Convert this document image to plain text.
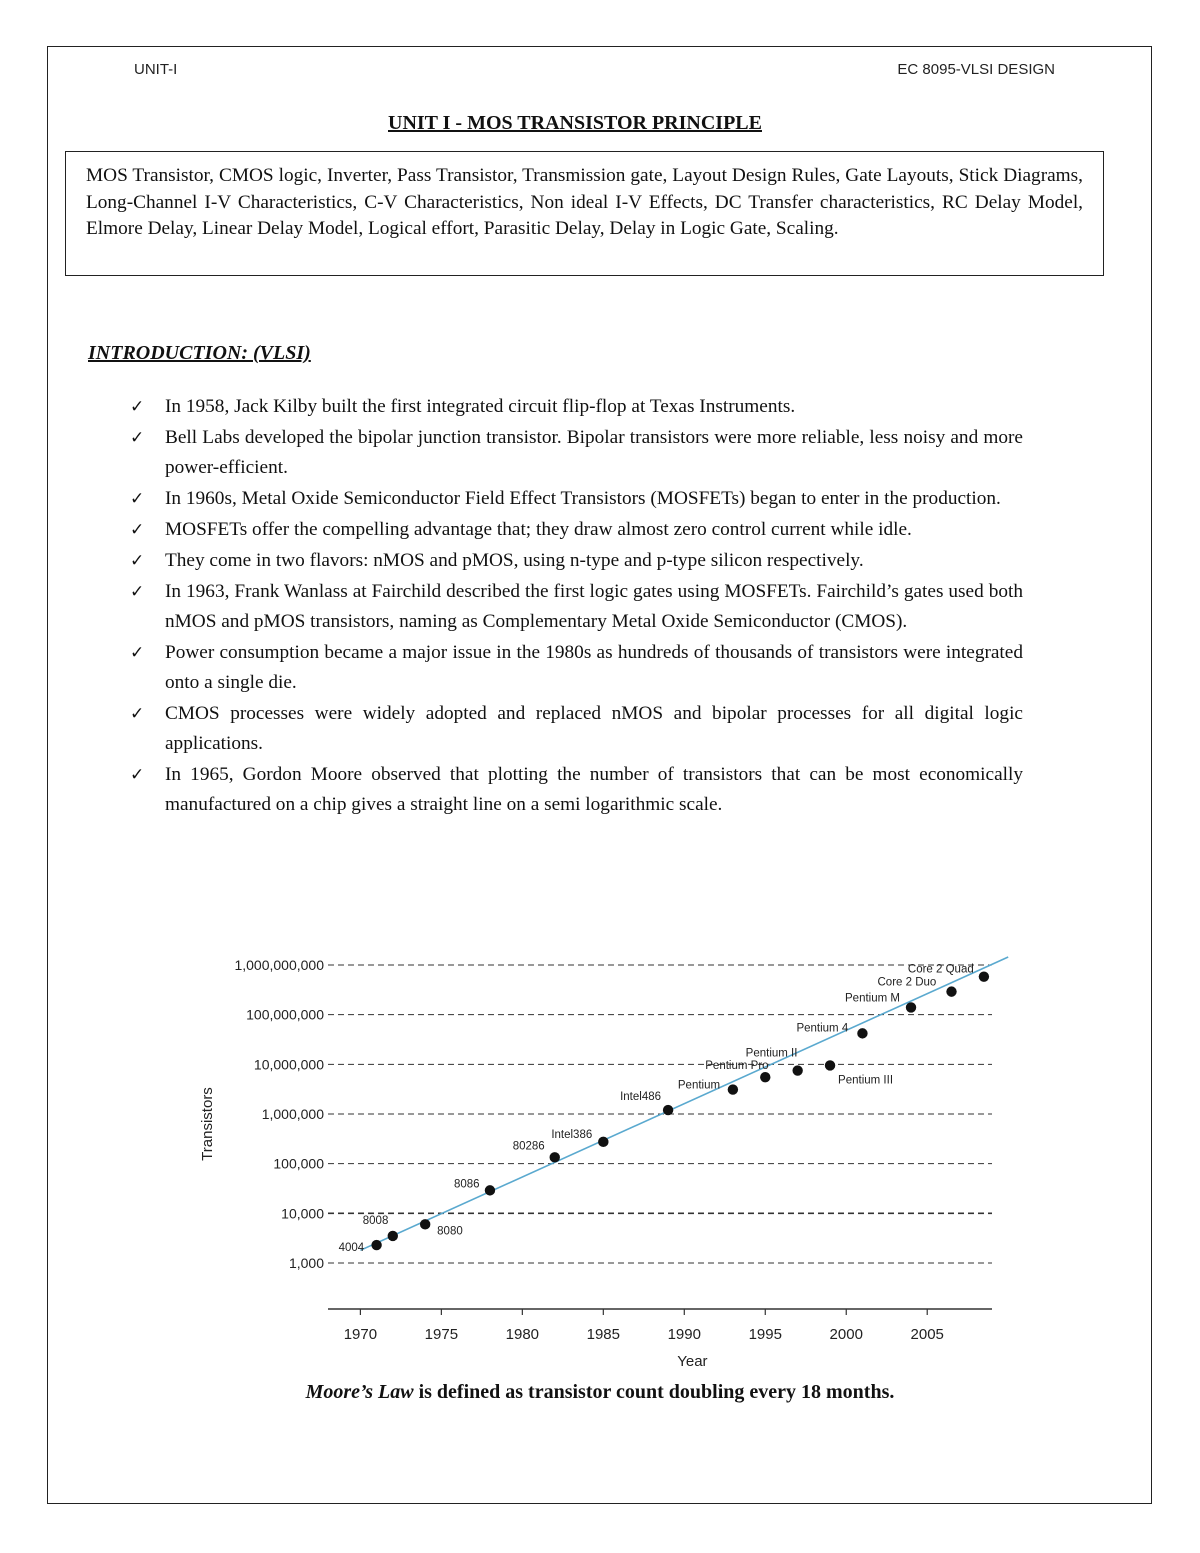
UNIT-I	EC 8095-VLSI DESIGN
UNIT I - MOS TRANSISTOR PRINCIPLE
MOS Transistor, CMOS logic, Inverter, Pass Transistor, Transmission gate, Layout Design Rules, Gate Layouts, Stick Diagrams, Long-Channel I-V Characteristics, C-V Characteristics, Non ideal I-V Effects, DC Transfer characteristics, RC Delay Model, Elmore Delay, Linear Delay Model, Logical effort, Parasitic Delay, Delay in Logic Gate, Scaling.
INTRODUCTION: (VLSI)
✓ In 1958, Jack Kilby built the first integrated circuit flip-flop at Texas Instruments.
✓ Bell Labs developed the bipolar junction transistor. Bipolar transistors were more reliable, less noisy and more power-efficient.
✓ In 1960s, Metal Oxide Semiconductor Field Effect Transistors (MOSFETs) began to enter in the production.
✓ MOSFETs offer the compelling advantage that; they draw almost zero control current while idle.
✓ They come in two flavors: nMOS and pMOS, using n-type and p-type silicon respectively.
✓ In 1963, Frank Wanlass at Fairchild described the first logic gates using MOSFETs. Fairchild’s gates used both nMOS and pMOS transistors, naming as Complementary Metal Oxide Semiconductor (CMOS).
✓ Power consumption became a major issue in the 1980s as hundreds of thousands of transistors were integrated onto a single die.
✓ CMOS processes were widely adopted and replaced nMOS and bipolar processes for all digital logic applications.
✓ In 1965, Gordon Moore observed that plotting the number of transistors that can be most economically manufactured on a chip gives a straight line on a semi logarithmic scale.
1,000
10,000
100,000
1,000,000
10,000,000
100,000,000
1,000,000,000
Transistors
1970	1975	1980	1985	1990	1995	2000	2005
Year
4004
8008
8080
8086
80286
Intel386
Intel486
Pentium
Pentium Pro
Pentium II
Pentium III
Pentium 4
Pentium M
Core 2 Duo
Core 2 Quad
Moore’s Law is defined as transistor count doubling every 18 months.
